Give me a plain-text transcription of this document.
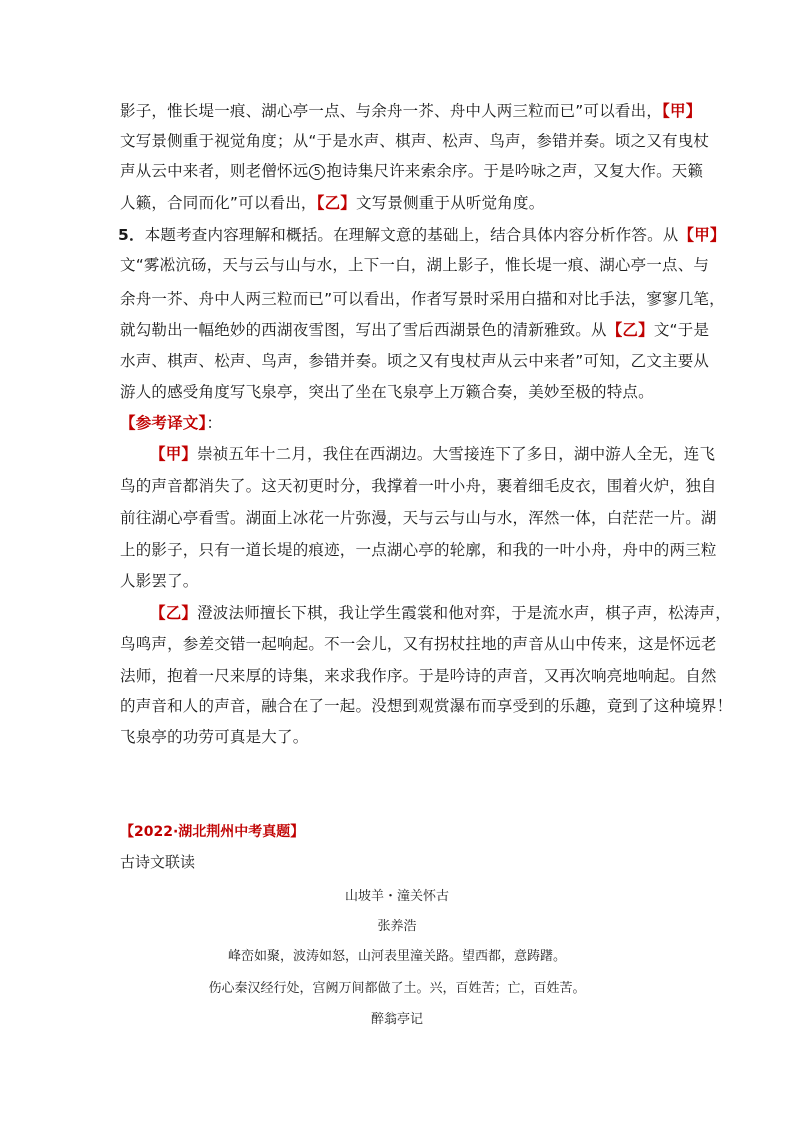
影子，惟长堤一痕、湖心亭一点、与余舟一芥、舟中人两三粒而已”可以看出，【甲】
文写景侧重于视觉角度；从“于是水声、棋声、松声、鸟声，参错并奏。顷之又有曳杖
声从云中来者，则老僧怀远 5 抱诗集尺许来索余序。于是吟咏之声，又复大作。天籁
人籁，合同而化”可以看出，【乙】文写景侧重于从听觉角度。
5．本题考查内容理解和概括。在理解文意的基础上，结合具体内容分析作答。从【甲】
文“雾凇沆砀，天与云与山与水，上下一白，湖上影子，惟长堤一痕、湖心亭一点、与
余舟一芥、舟中人两三粒而已”可以看出，作者写景时采用白描和对比手法，寥寥几笔，
就勾勒出一幅绝妙的西湖夜雪图，写出了雪后西湖景色的清新雅致。从【乙】文“于是
水声、棋声、松声、鸟声，参错并奏。顷之又有曳杖声从云中来者”可知，乙文主要从
游人的感受角度写飞泉亭，突出了坐在飞泉亭上万籁合奏，美妙至极的特点。
【参考译文】：
【甲】崇祯五年十二月，我住在西湖边。大雪接连下了多日，湖中游人全无，连飞
鸟的声音都消失了。这天初更时分，我撑着一叶小舟，裹着细毛皮衣，围着火炉，独自
前往湖心亭看雪。湖面上冰花一片弥漫，天与云与山与水，浑然一体，白茫茫一片。湖
上的影子，只有一道长堤的痕迹，一点湖心亭的轮廓，和我的一叶小舟，舟中的两三粒
人影罢了。
【乙】澄波法师擅长下棋，我让学生霞裳和他对弈，于是流水声，棋子声，松涛声，
鸟鸣声，参差交错一起响起。不一会儿，又有拐杖拄地的声音从山中传来，这是怀远老
法师，抱着一尺来厚的诗集，来求我作序。于是吟诗的声音，又再次响亮地响起。自然
的声音和人的声音，融合在了一起。没想到观赏瀑布而享受到的乐趣，竟到了这种境界！
飞泉亭的功劳可真是大了。
【2022·湖北荆州中考真题】
古诗文联读
山坡羊・潼关怀古
张养浩
峰峦如聚，波涛如怒，山河表里潼关路。望西都，意踌躇。
伤心秦汉经行处，宫阙万间都做了土。兴，百姓苦；亡，百姓苦。
醉翁亭记
